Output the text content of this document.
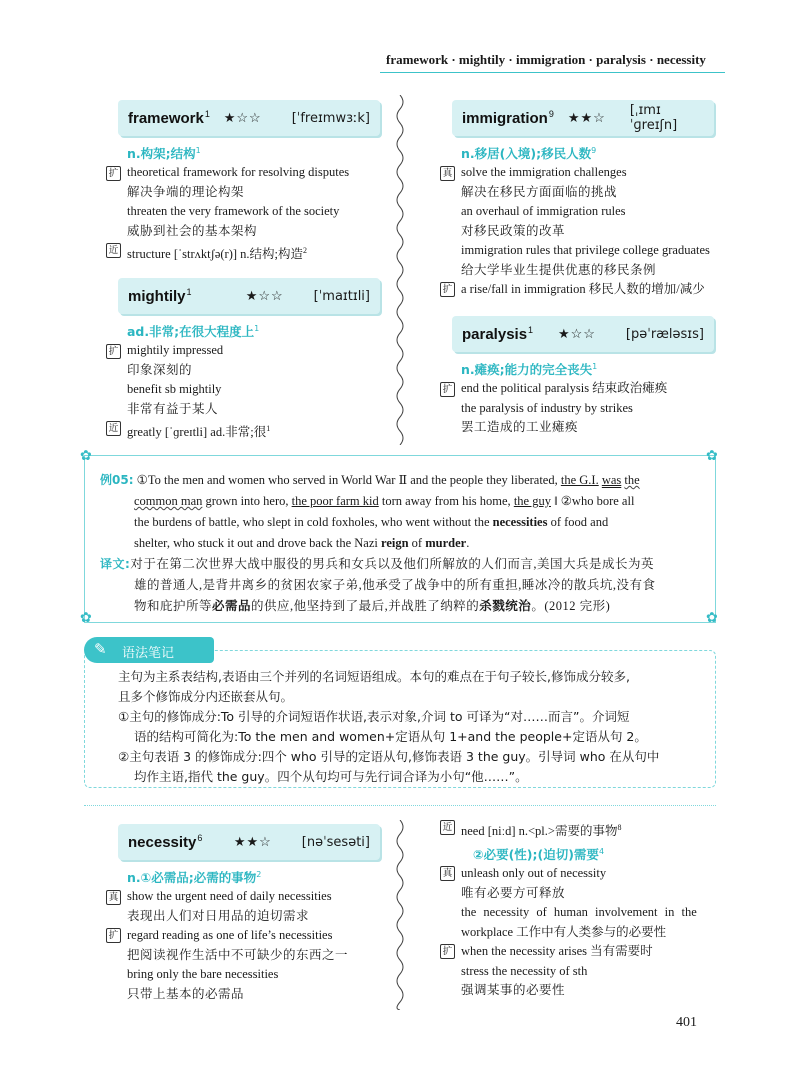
framework · mightily · immigration · paralysis · necessity
framework$^1$ ★☆☆ [ˈfreɪmwɜːk]
n.构架;结构$^1$
扩 theoretical framework for resolving disputes
解决争端的理论构架
threaten the very framework of the society
威胁到社会的基本架构
近 structure [ˈstrʌktʃə(r)] n.结构;构造$^2$
mightily$^1$	★☆☆ [ˈmaɪtɪli]
ad.非常;在很大程度上$^1$
扩 mightily impressed
印象深刻的
benefit sb mightily
非常有益于某人
近 greatly [ˈɡreɪtli] ad.非常;很$^1$
immigration$^9$ ★★☆ [ˌɪmɪˈɡreɪʃn]
n.移居(入境);移民人数$^9$
真 solve the immigration challenges
解决在移民方面面临的挑战
an overhaul of immigration rules
对移民政策的改革
immigration rules that privilege college graduates
给大学毕业生提供优惠的移民条例
扩 a rise/fall in immigration 移民人数的增加/减少
paralysis$^1$ ★☆☆ [pəˈræləsɪs]
n.瘫痪;能力的完全丧失$^1$
扩 end the political paralysis 结束政治瘫痪
the paralysis of industry by strikes
罢工造成的工业瘫痪
✿	✿
✿	✿
例05: ①To the men and women who served in World War Ⅱ and the people they liberated, the G.I. was the
common man grown into hero, the poor farm kid torn away from his home, the guy ‖ ②who bore all
the burdens of battle, who slept in cold foxholes, who went without the necessities of food and
shelter, who stuck it out and drove back the Nazi reign of murder.
译文:对于在第二次世界大战中服役的男兵和女兵以及他们所解放的人们而言,美国大兵是成长为英
雄的普通人,是背井离乡的贫困农家子弟,他承受了战争中的所有重担,睡冰冷的散兵坑,没有食
物和庇护所等必需品的供应,他坚持到了最后,并战胜了纳粹的杀戮统治。(2012 完形)
✎ 语法笔记
主句为主系表结构,表语由三个并列的名词短语组成。本句的难点在于句子较长,修饰成分较多,
且多个修饰成分内还嵌套从句。
①主句的修饰成分:To 引导的介词短语作状语,表示对象,介词 to 可译为“对……而言”。介词短
语的结构可简化为:To the men and women+定语从句 1+and the people+定语从句 2。
②主句表语 3 的修饰成分:四个 who 引导的定语从句,修饰表语 3 the guy。引导词 who 在从句中
均作主语,指代 the guy。四个从句均可与先行词合译为小句“他……”。
necessity$^6$ ★★☆ [nəˈsesəti]
n.①必需品;必需的事物$^2$
真 show the urgent need of daily necessities
表现出人们对日用品的迫切需求
扩 regard reading as one of life’s necessities
把阅读视作生活中不可缺少的东西之一
bring only the bare necessities
只带上基本的必需品
近 need [niːd] n.<pl.>需要的事物$^8$
②必要(性);(迫切)需要$^4$
真 unleash only out of necessity
唯有必要方可释放
the necessity of human involvement in the
workplace 工作中有人类参与的必要性
扩 when the necessity arises 当有需要时
stress the necessity of sth
强调某事的必要性
401
